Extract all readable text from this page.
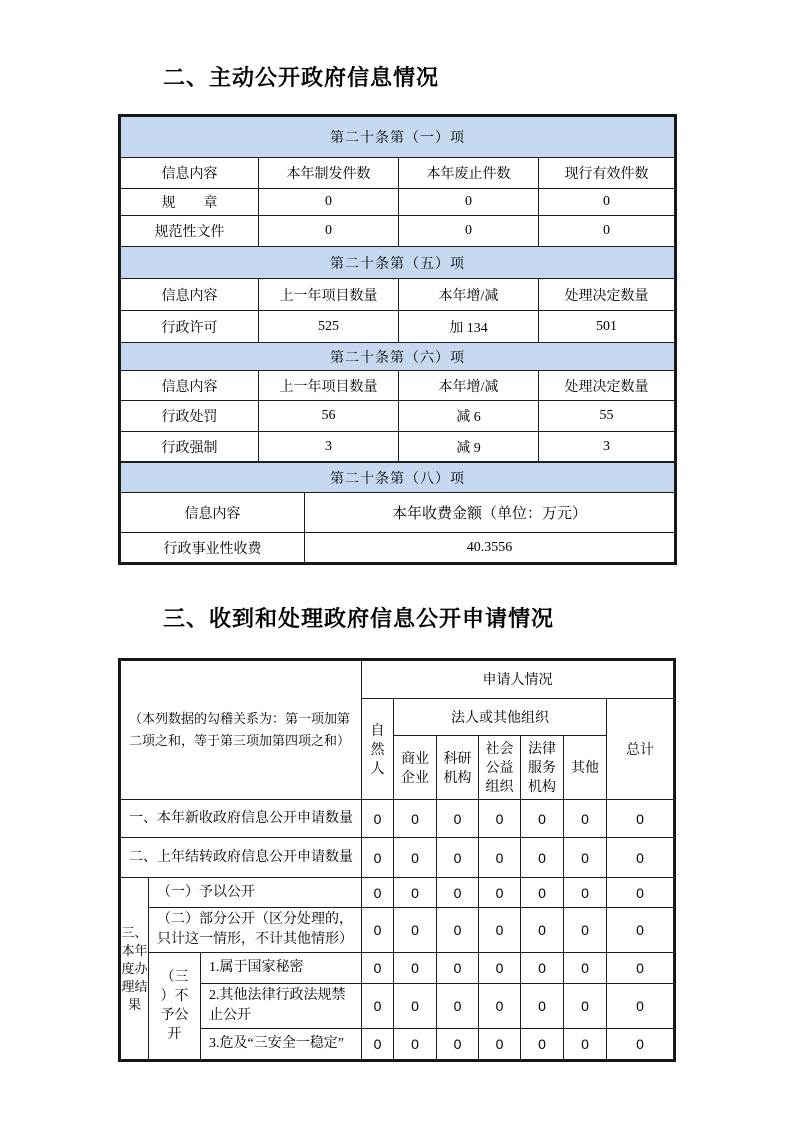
二、主动公开政府信息情况
第二十条第（一）项			
信息内容	本年制发件数	本年废止件数	现行有效件数
规　　章	0	0	0
规范性文件	0	0	0
第二十条第（五）项			
信息内容	上一年项目数量	本年增/减	处理决定数量
行政许可	525	加 134	501
第二十条第（六）项			
信息内容	上一年项目数量	本年增/减	处理决定数量
行政处罚	56	减 6	55
行政强制	3	减 9	3
第二十条第（八）项	
信息内容	本年收费金额（单位：万元）
行政事业性收费	40.3556
三、收到和处理政府信息公开申请情况
（本列数据的勾稽关系为：第一项加第二项之和，等于第三项加第四项之和）			申请人情况						
			自然人	法人或其他组织					总计
				商业企业	科研机构	社会公益组织	法律服务机构	其他	
一、本年新收政府信息公开申请数量			0	0	0	0	0	0	0
二、上年结转政府信息公开申请数量			0	0	0	0	0	0	0
三、本年度办理结果	（一）予以公开		0	0	0	0	0	0	0
	（二）部分公开（区分处理的，只计这一情形，不计其他情形）		0	0	0	0	0	0	0
	（三）不予公开	1.属于国家秘密	0	0	0	0	0	0	0
		2.其他法律行政法规禁止公开	0	0	0	0	0	0	0
		3.危及“三安全一稳定”	0	0	0	0	0	0	0
